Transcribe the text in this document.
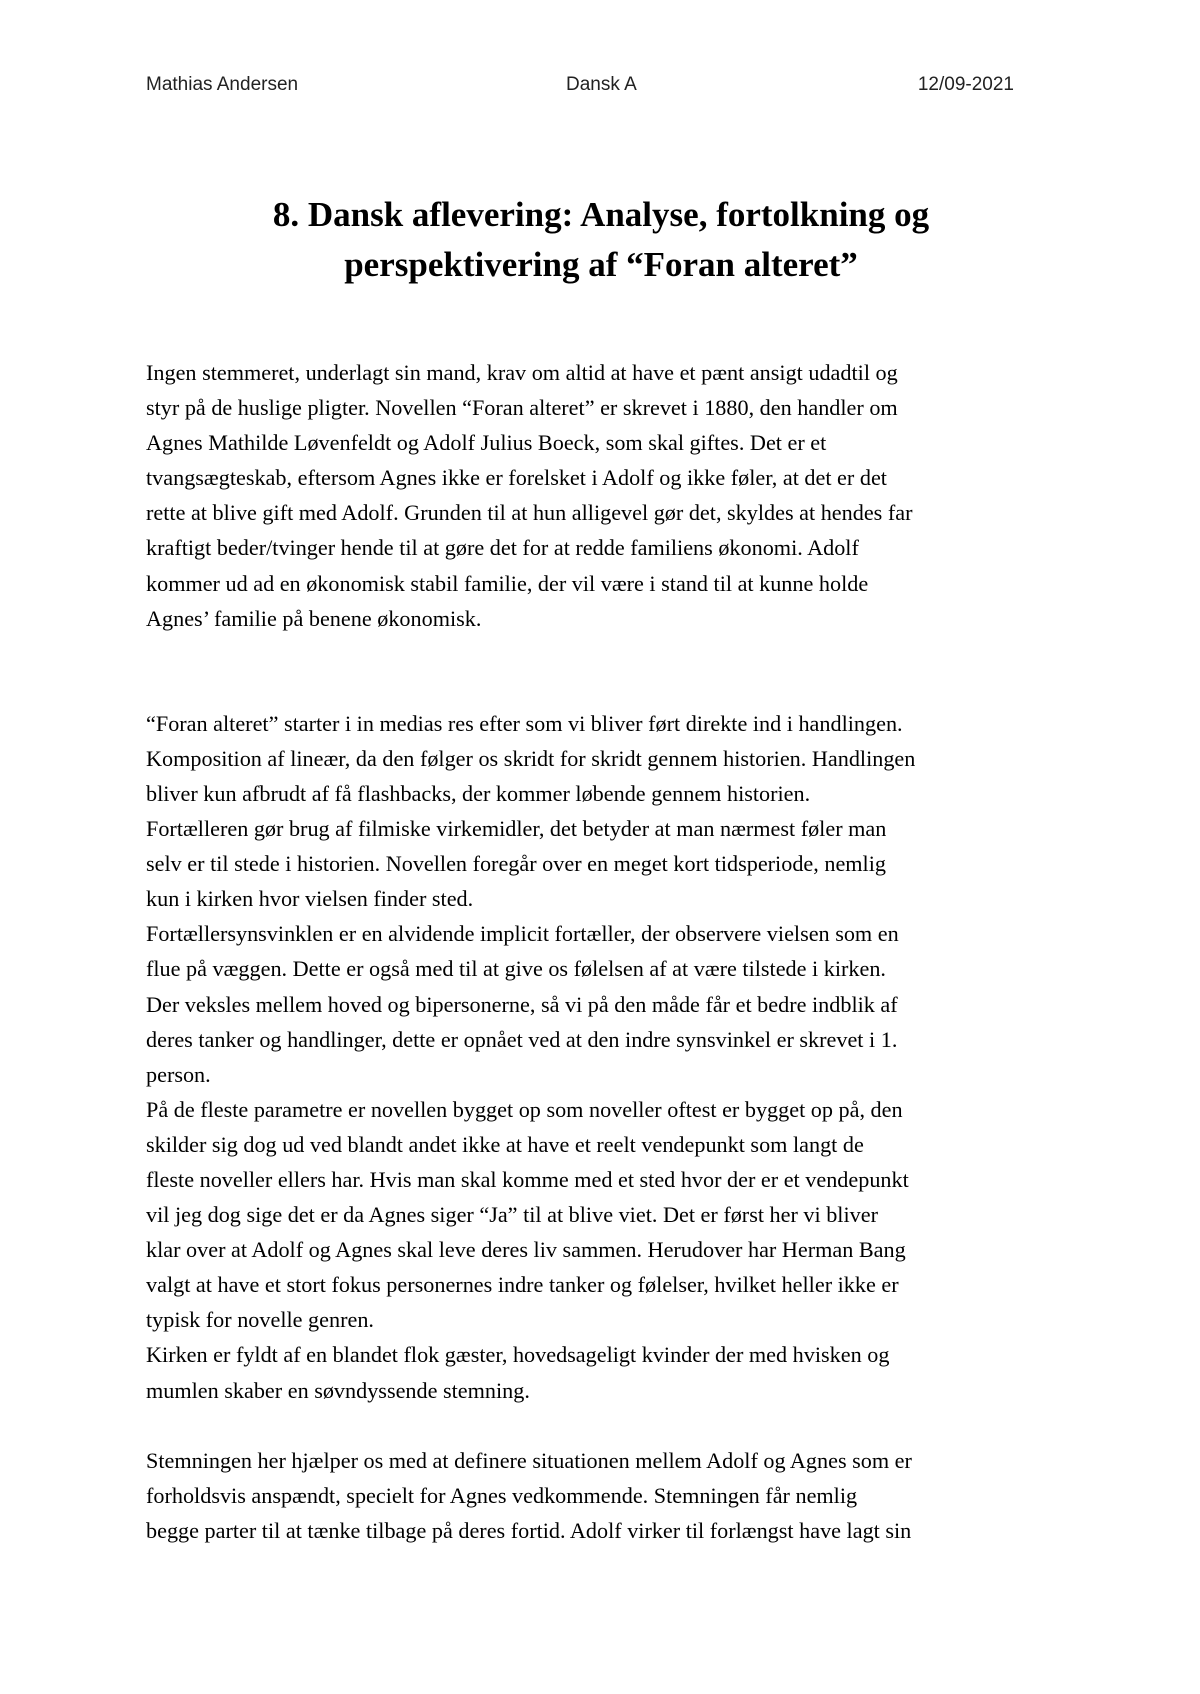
Mathias Andersen	Dansk A	12/09-2021
8. Dansk aflevering: Analyse, fortolkning og
perspektivering af “Foran alteret”

Ingen stemmeret, underlagt sin mand, krav om altid at have et pænt ansigt udadtil og
styr på de huslige pligter. Novellen “Foran alteret” er skrevet i 1880, den handler om
Agnes Mathilde Løvenfeldt og Adolf Julius Boeck, som skal giftes. Det er et
tvangsægteskab, eftersom Agnes ikke er forelsket i Adolf og ikke føler, at det er det
rette at blive gift med Adolf. Grunden til at hun alligevel gør det, skyldes at hendes far
kraftigt beder/tvinger hende til at gøre det for at redde familiens økonomi. Adolf
kommer ud ad en økonomisk stabil familie, der vil være i stand til at kunne holde
Agnes’ familie på benene økonomisk.

“Foran alteret” starter i in medias res efter som vi bliver ført direkte ind i handlingen.
Komposition af lineær, da den følger os skridt for skridt gennem historien. Handlingen
bliver kun afbrudt af få flashbacks, der kommer løbende gennem historien.
Fortælleren gør brug af filmiske virkemidler, det betyder at man nærmest føler man
selv er til stede i historien. Novellen foregår over en meget kort tidsperiode, nemlig
kun i kirken hvor vielsen finder sted.

Fortællersynsvinklen er en alvidende implicit fortæller, der observere vielsen som en
flue på væggen. Dette er også med til at give os følelsen af at være tilstede i kirken.
Der veksles mellem hoved og bipersonerne, så vi på den måde får et bedre indblik af
deres tanker og handlinger, dette er opnået ved at den indre synsvinkel er skrevet i 1.
person.

På de fleste parametre er novellen bygget op som noveller oftest er bygget op på, den
skilder sig dog ud ved blandt andet ikke at have et reelt vendepunkt som langt de
fleste noveller ellers har. Hvis man skal komme med et sted hvor der er et vendepunkt
vil jeg dog sige det er da Agnes siger “Ja” til at blive viet. Det er først her vi bliver
klar over at Adolf og Agnes skal leve deres liv sammen. Herudover har Herman Bang
valgt at have et stort fokus personernes indre tanker og følelser, hvilket heller ikke er
typisk for novelle genren.

Kirken er fyldt af en blandet flok gæster, hovedsageligt kvinder der med hvisken og
mumlen skaber en søvndyssende stemning.

Stemningen her hjælper os med at definere situationen mellem Adolf og Agnes som er
forholdsvis anspændt, specielt for Agnes vedkommende. Stemningen får nemlig
begge parter til at tænke tilbage på deres fortid. Adolf virker til forlængst have lagt sin
